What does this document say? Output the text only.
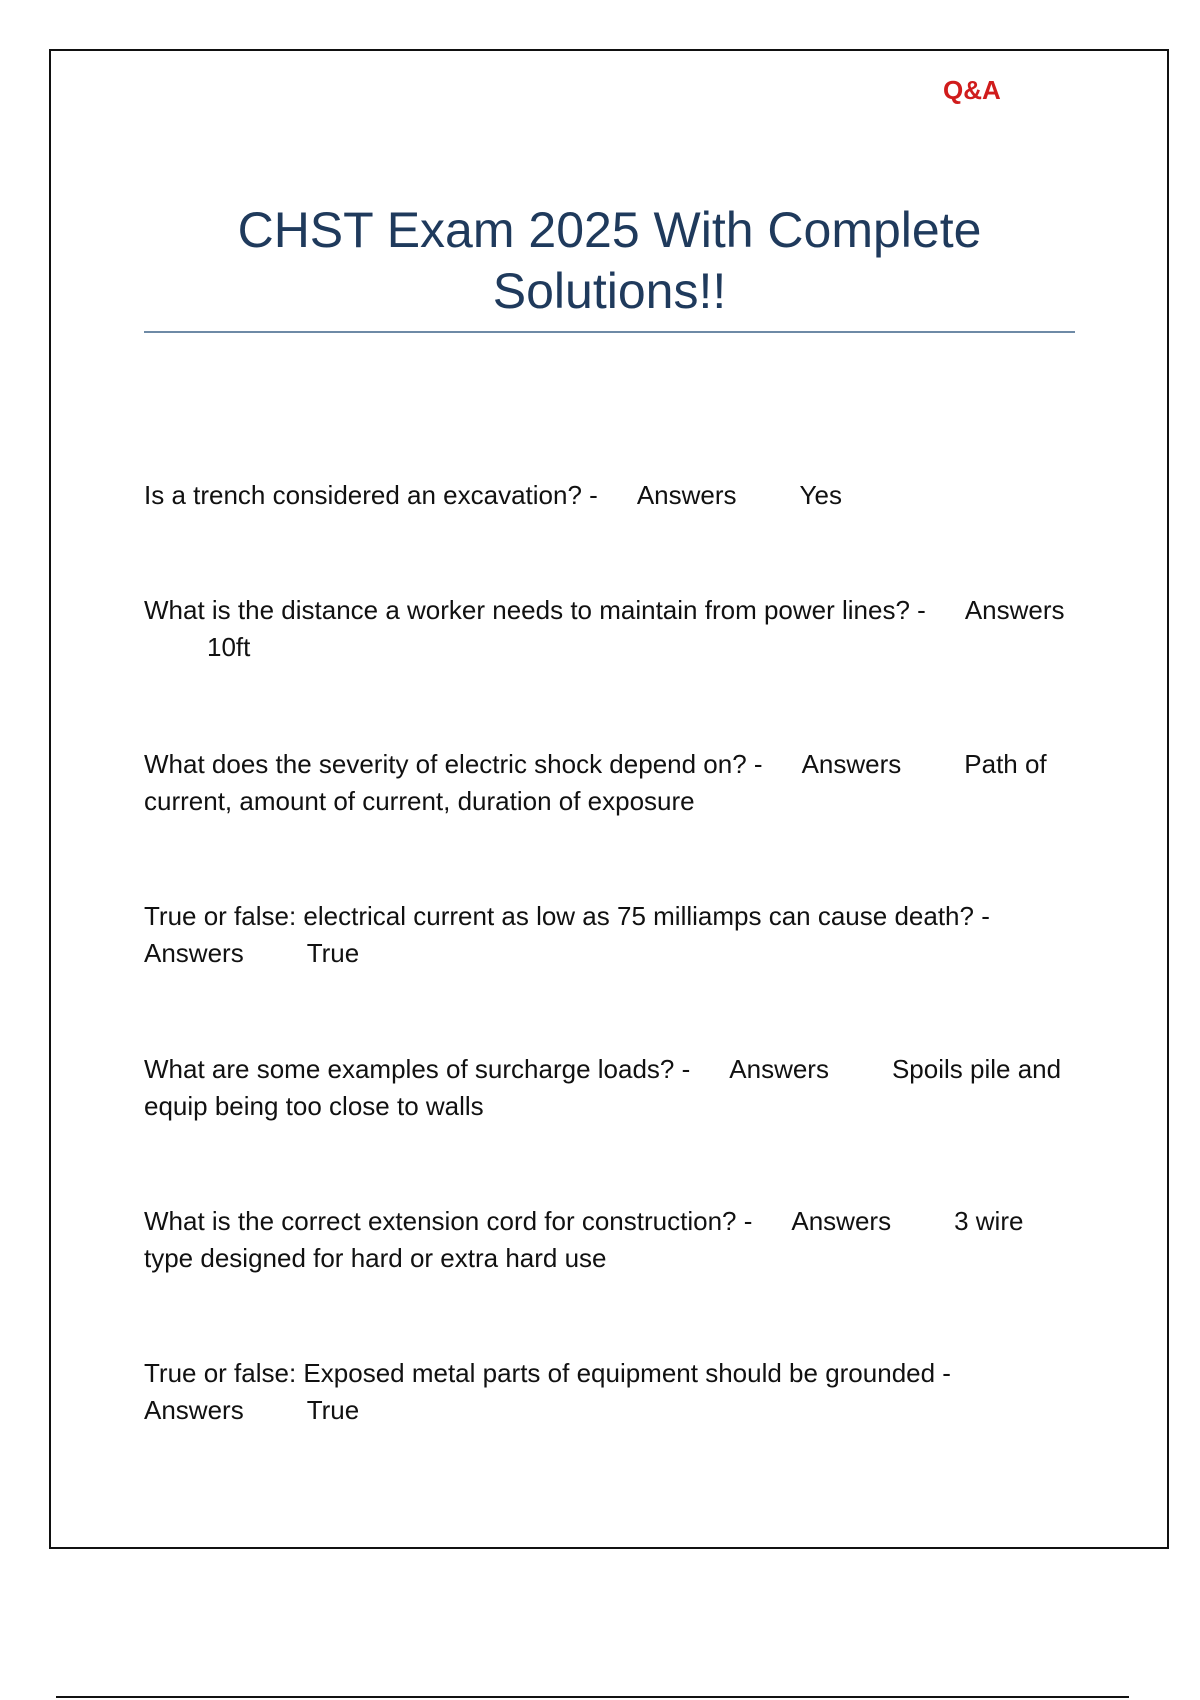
Q&A
CHST Exam 2025 With Complete Solutions!!
Is a trench considered an excavation? - Answers Yes
What is the distance a worker needs to maintain from power lines? - Answers10ft
What does the severity of electric shock depend on? - Answers Path of current, amount of current, duration of exposure
True or false: electrical current as low as 75 milliamps can cause death? -Answers True
What are some examples of surcharge loads? - Answers Spoils pile and equip being too close to walls
What is the correct extension cord for construction? - Answers 3 wire type designed for hard or extra hard use
True or false: Exposed metal parts of equipment should be grounded -Answers True
